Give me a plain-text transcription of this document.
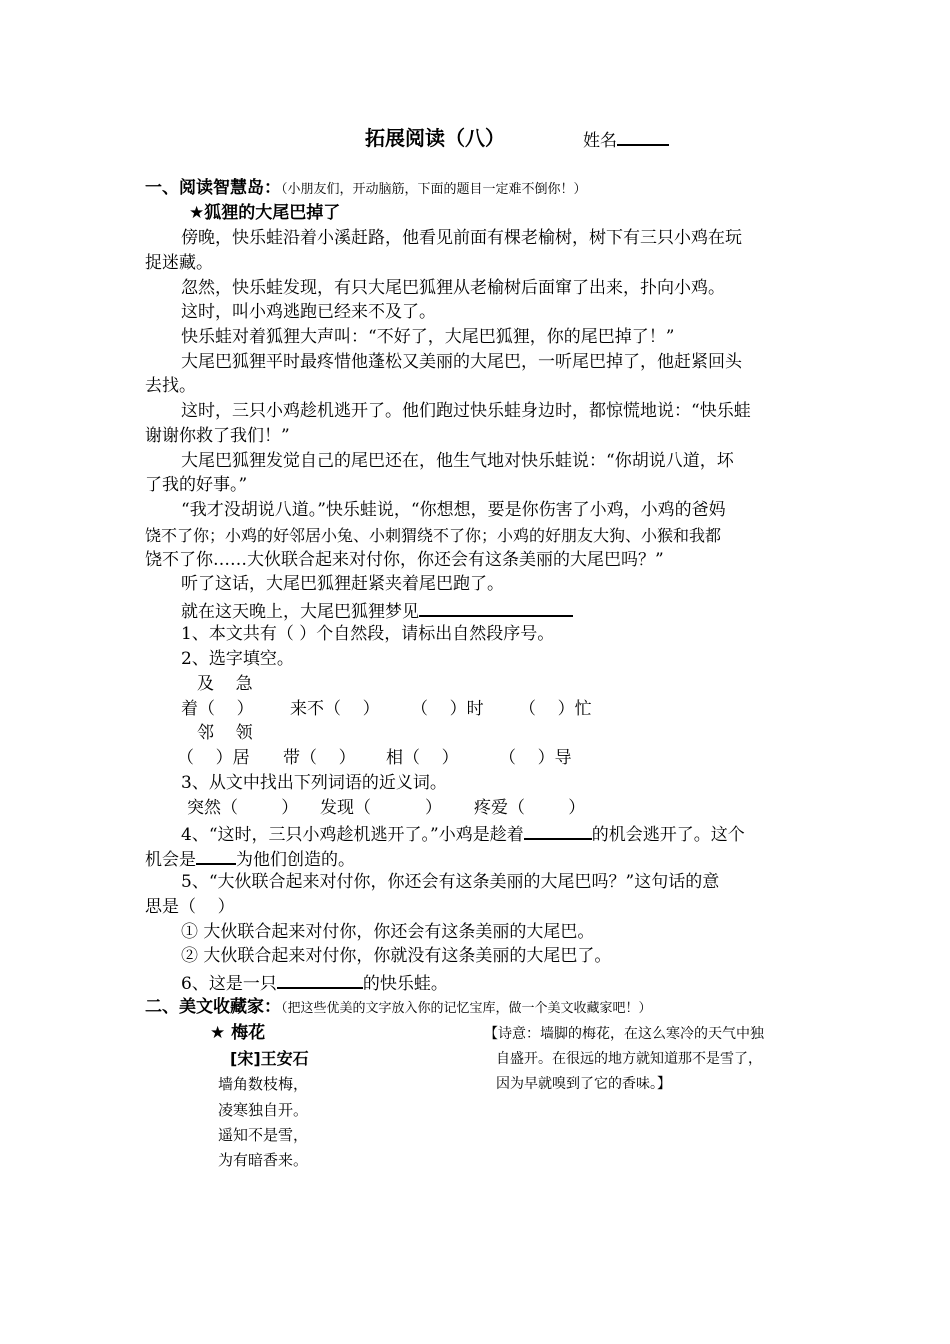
拓展阅读（八）	姓名
一、阅读智慧岛：（小朋友们，开动脑筋，下面的题目一定难不倒你！）
★狐狸的大尾巴掉了
傍晚，快乐蛙沿着小溪赶路，他看见前面有棵老榆树，树下有三只小鸡在玩
捉迷藏。
忽然，快乐蛙发现，有只大尾巴狐狸从老榆树后面窜了出来，扑向小鸡。
这时，叫小鸡逃跑已经来不及了。
快乐蛙对着狐狸大声叫：“不好了，大尾巴狐狸，你的尾巴掉了！”
大尾巴狐狸平时最疼惜他蓬松又美丽的大尾巴，一听尾巴掉了，他赶紧回头
去找。
这时，三只小鸡趁机逃开了。他们跑过快乐蛙身边时，都惊慌地说：“快乐蛙
谢谢你救了我们！”
大尾巴狐狸发觉自己的尾巴还在，他生气地对快乐蛙说：“你胡说八道，坏
了我的好事。”
“我才没胡说八道。”快乐蛙说，“你想想，要是你伤害了小鸡，小鸡的爸妈
饶不了你；小鸡的好邻居小兔、小刺猬绕不了你；小鸡的好朋友大狗、小猴和我都
饶不了你……大伙联合起来对付你，你还会有这条美丽的大尾巴吗？”
听了这话，大尾巴狐狸赶紧夹着尾巴跑了。
就在这天晚上，大尾巴狐狸梦见
1、本文共有（ ）个自然段，请标出自然段序号。
2、选字填空。
及    急
着（    ） 来不（    ） （    ）时 （    ）忙
邻    领
（    ）居 带（    ） 相（    ） （    ）导
3、从文中找出下列词语的近义词。
突然（        ） 发现（          ） 疼爱（        ）
4、“这时，三只小鸡趁机逃开了。”小鸡是趁着	的机会逃开了。这个
机会是 为他们创造的。
5、“大伙联合起来对付你，你还会有这条美丽的大尾巴吗？”这句话的意
思是（    ）
① 大伙联合起来对付你，你还会有这条美丽的大尾巴。
② 大伙联合起来对付你，你就没有这条美丽的大尾巴了。
6、这是一只	的快乐蛙。
二、美文收藏家：（把这些优美的文字放入你的记忆宝库，做一个美文收藏家吧！）
★ 梅花
[宋]王安石
墙角数枝梅，
凌寒独自开。
遥知不是雪，
为有暗香来。
【诗意：墙脚的梅花，在这么寒冷的天气中独
自盛开。在很远的地方就知道那不是雪了，
因为早就嗅到了它的香味。】
